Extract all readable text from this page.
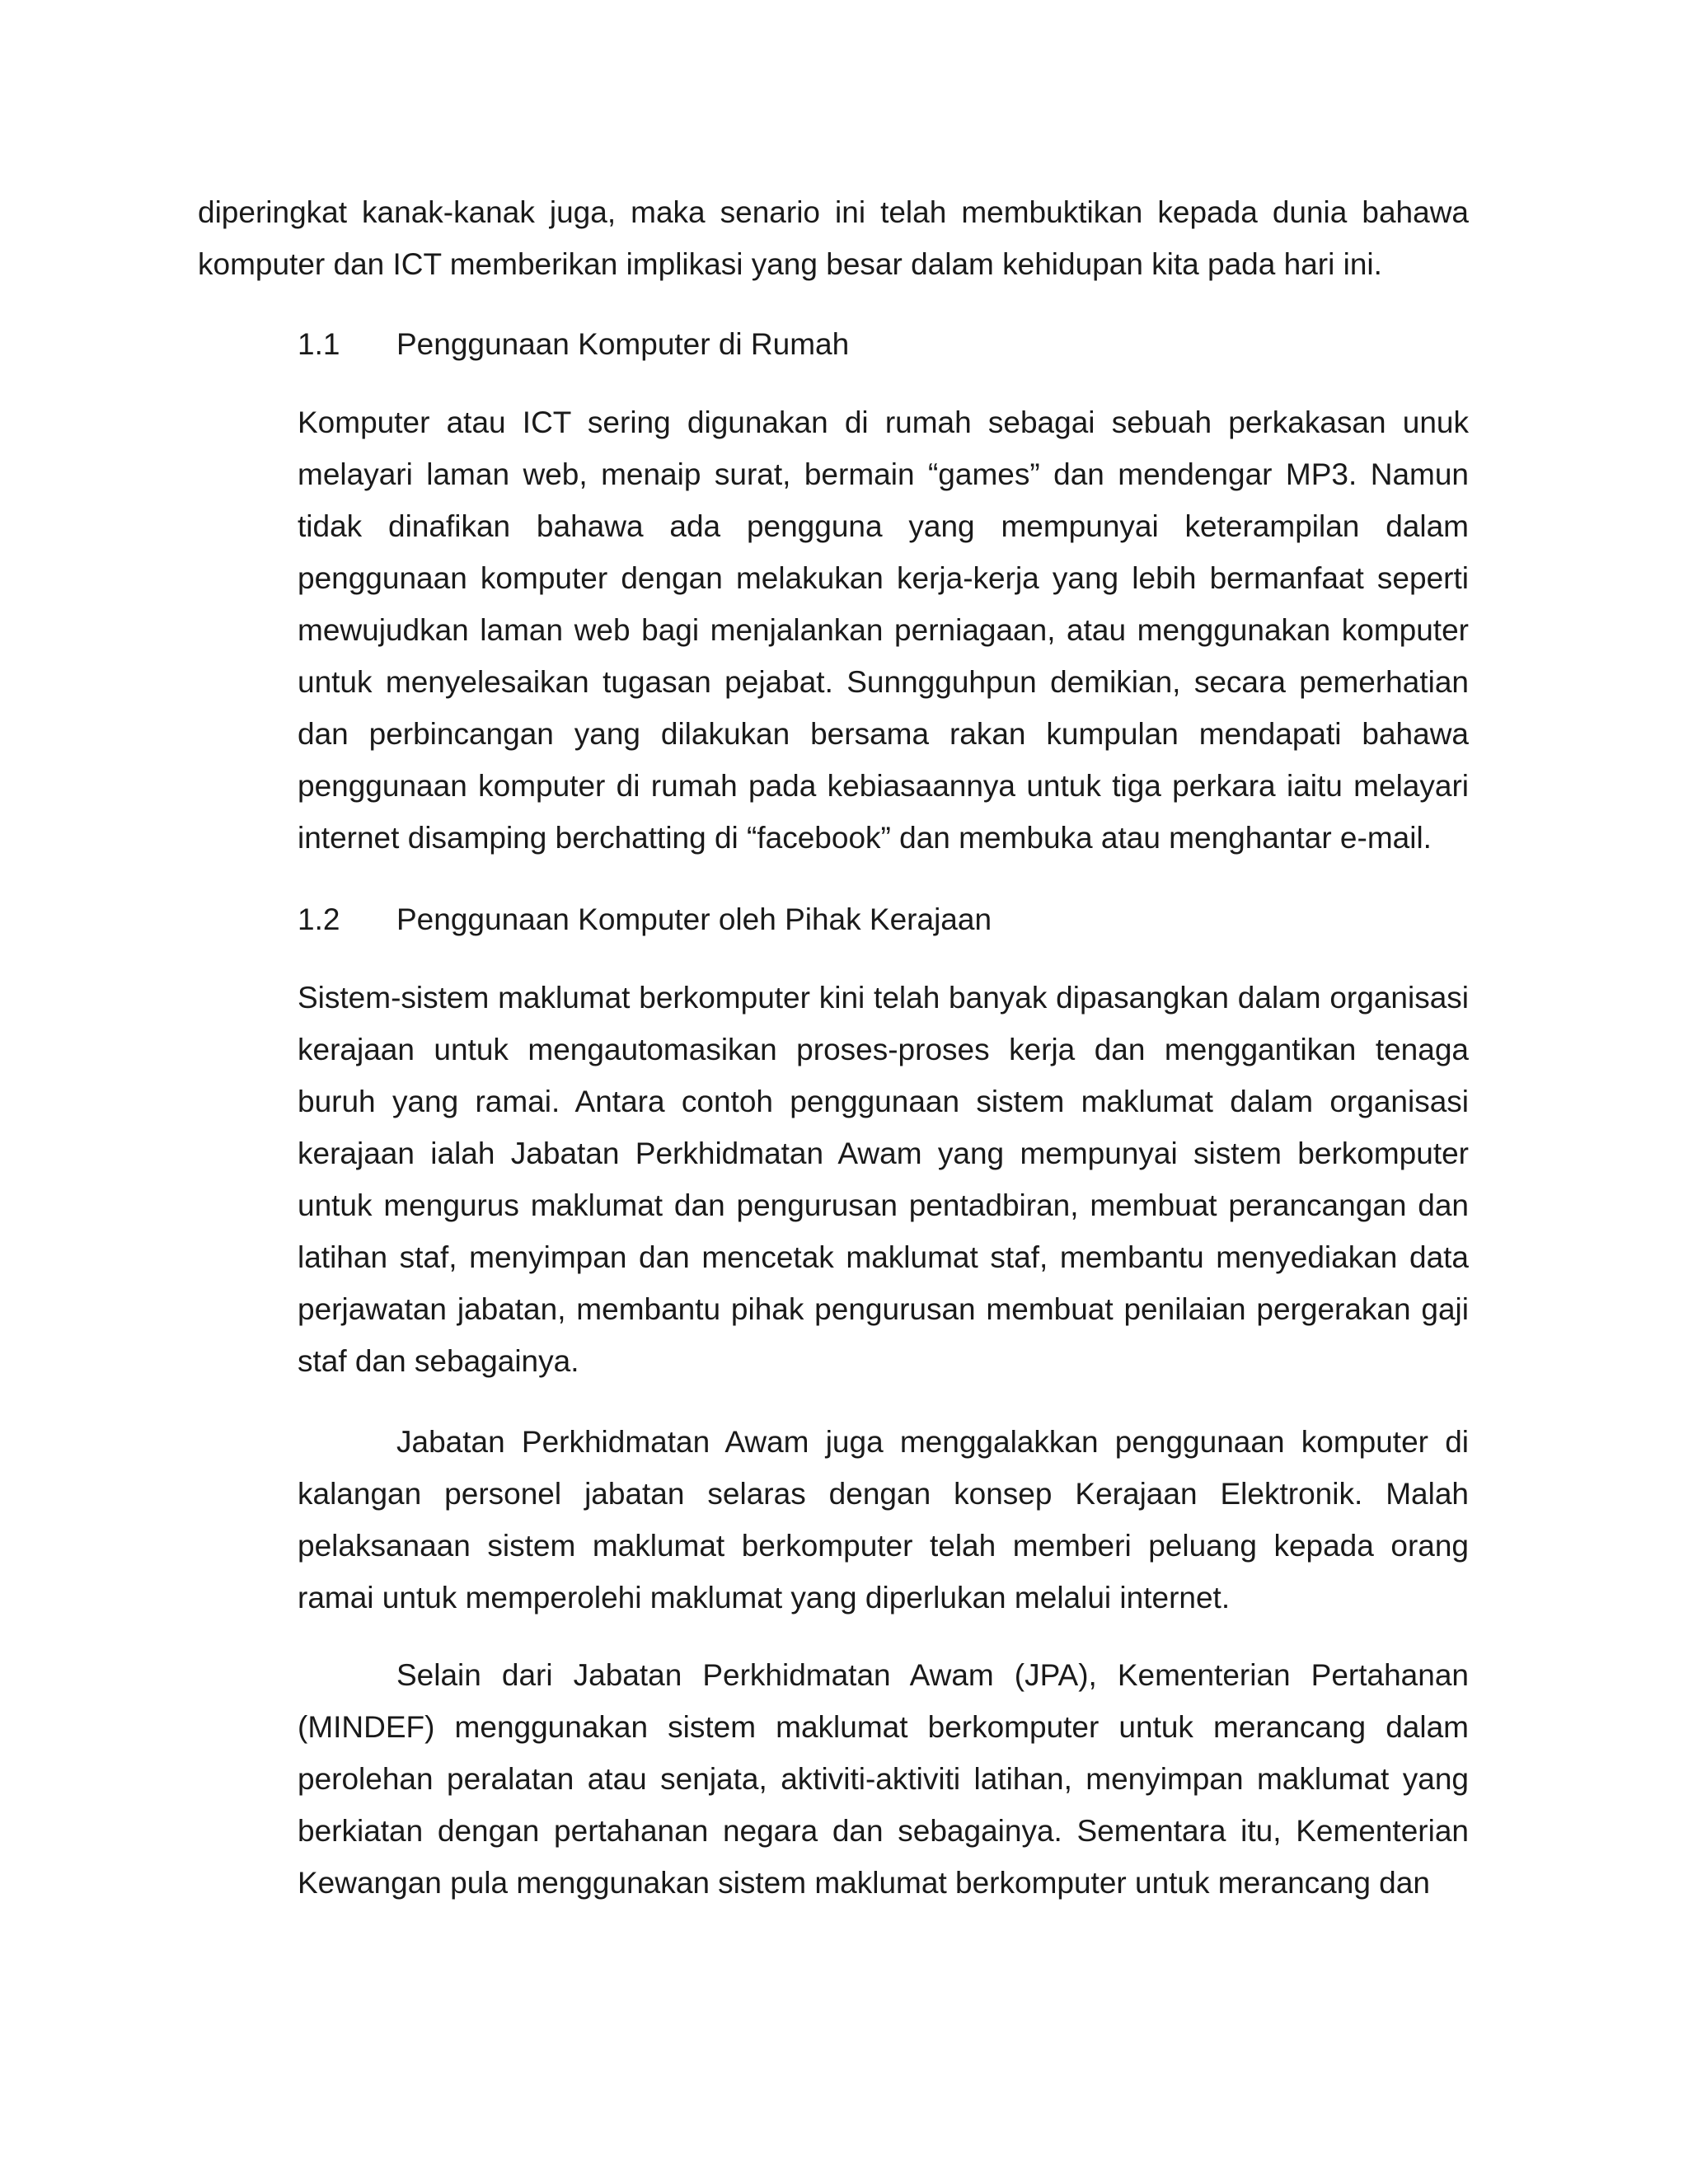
diperingkat kanak-kanak juga, maka senario ini telah membuktikan kepada dunia bahawa komputer dan ICT memberikan implikasi yang besar dalam kehidupan kita pada hari ini.

1.1 Penggunaan Komputer di Rumah

Komputer atau ICT sering digunakan di rumah sebagai sebuah perkakasan unuk melayari laman web, menaip surat, bermain “games” dan mendengar MP3. Namun tidak dinafikan bahawa ada pengguna yang mempunyai keterampilan dalam penggunaan komputer dengan melakukan kerja-kerja yang lebih bermanfaat seperti mewujudkan laman web bagi menjalankan perniagaan, atau menggunakan komputer untuk menyelesaikan tugasan pejabat. Sunngguhpun demikian, secara pemerhatian dan perbincangan yang dilakukan bersama rakan kumpulan mendapati bahawa penggunaan komputer di rumah pada kebiasaannya untuk tiga perkara iaitu melayari internet disamping berchatting di “facebook” dan membuka atau menghantar e-mail.

1.2 Penggunaan Komputer oleh Pihak Kerajaan

Sistem-sistem maklumat berkomputer kini telah banyak dipasangkan dalam organisasi kerajaan untuk mengautomasikan proses-proses kerja dan menggantikan tenaga buruh yang ramai. Antara contoh penggunaan sistem maklumat dalam organisasi kerajaan ialah Jabatan Perkhidmatan Awam yang mempunyai sistem berkomputer untuk mengurus maklumat dan pengurusan pentadbiran, membuat perancangan dan latihan staf, menyimpan dan mencetak maklumat staf, membantu menyediakan data perjawatan jabatan, membantu pihak pengurusan membuat penilaian pergerakan gaji staf dan sebagainya.

Jabatan Perkhidmatan Awam juga menggalakkan penggunaan komputer di kalangan personel jabatan selaras dengan konsep Kerajaan Elektronik. Malah pelaksanaan sistem maklumat berkomputer telah memberi peluang kepada orang ramai untuk memperolehi maklumat yang diperlukan melalui internet.

Selain dari Jabatan Perkhidmatan Awam (JPA), Kementerian Pertahanan (MINDEF) menggunakan sistem maklumat berkomputer untuk merancang dalam perolehan peralatan atau senjata, aktiviti-aktiviti latihan, menyimpan maklumat yang berkiatan dengan pertahanan negara dan sebagainya. Sementara itu, Kementerian Kewangan pula menggunakan sistem maklumat berkomputer untuk merancang dan
